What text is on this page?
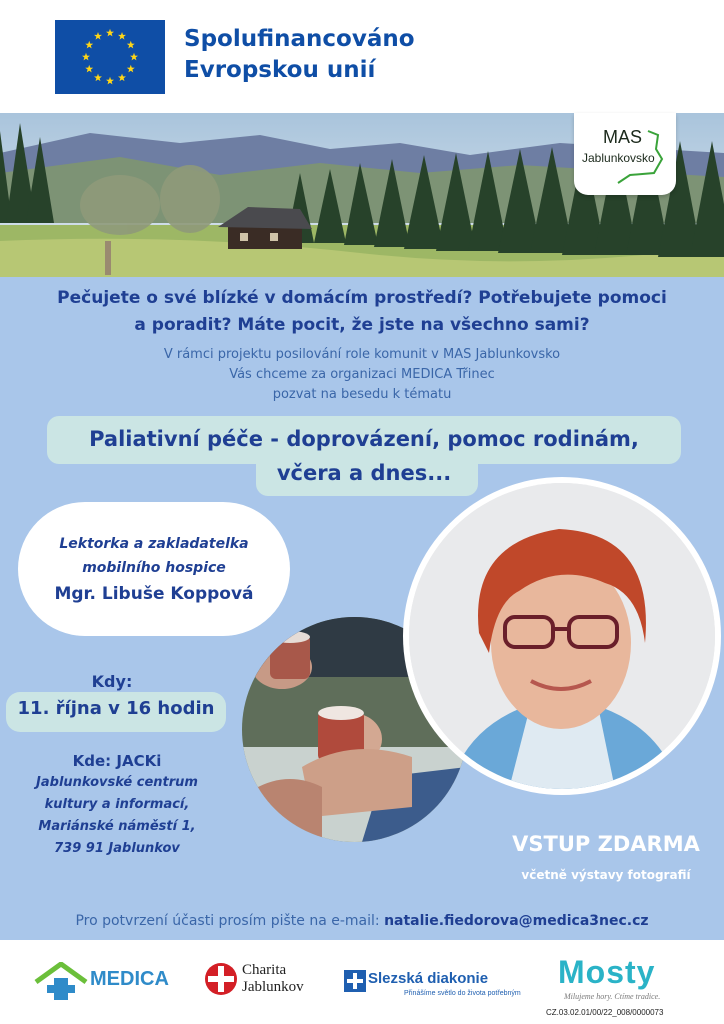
Spolufinancováno
Evropskou unií
MAS
Jablunkovsko
Pečujete o své blízké v domácím prostředí? Potřebujete pomoci
a poradit? Máte pocit, že jste na všechno sami?
V rámci projektu posilování role komunit v MAS Jablunkovsko
Vás chceme za organizaci MEDICA Třinec
pozvat na besedu k tématu
Paliativní péče - doprovázení, pomoc rodinám,
včera a dnes...
Lektorka a zakladatelka
mobilního hospice
Mgr. Libuše Koppová
Kdy:
11. října v 16 hodin
Kde: JACKi
Jablunkovské centrum
kultury a informací,
Mariánské náměstí 1,
739 91 Jablunkov	VSTUP ZDARMA
včetně výstavy fotografií
Pro potvrzení účasti prosím pište na e-mail: natalie.fiedorova@medica3nec.cz
MEDICA	Charita
Jablunkov	Slezská diakonie
Přinášíme světlo do života potřebným
Mosty
Milujeme hory. Ctíme tradice.
CZ.03.02.01/00/22_008/0000073
